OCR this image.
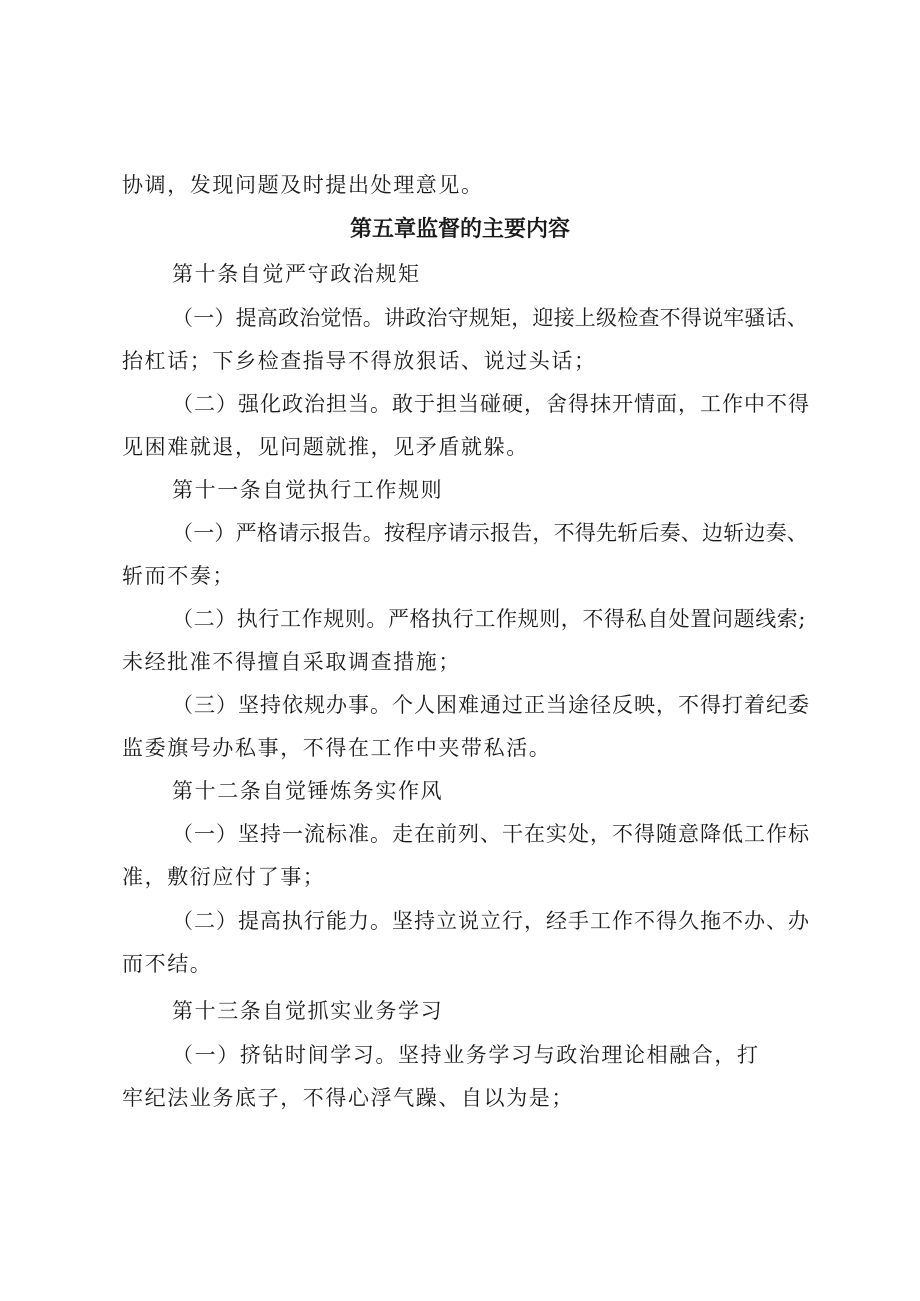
协调，发现问题及时提出处理意见。
第五章监督的主要内容
第十条自觉严守政治规矩
（一）提高政治觉悟。讲政治守规矩，迎接上级检查不得说牢骚话、
抬杠话；下乡检查指导不得放狠话、说过头话；
（二）强化政治担当。敢于担当碰硬，舍得抹开情面，工作中不得
见困难就退，见问题就推，见矛盾就躲。
第十一条自觉执行工作规则
（一）严格请示报告。按程序请示报告，不得先斩后奏、边斩边奏、
斩而不奏；
（二）执行工作规则。严格执行工作规则，不得私自处置问题线索;
未经批准不得擅自采取调查措施；
（三）坚持依规办事。个人困难通过正当途径反映，不得打着纪委
监委旗号办私事，不得在工作中夹带私活。
第十二条自觉锤炼务实作风
（一）坚持一流标准。走在前列、干在实处，不得随意降低工作标
准，敷衍应付了事；
（二）提高执行能力。坚持立说立行，经手工作不得久拖不办、办
而不结。
第十三条自觉抓实业务学习
（一）挤钻时间学习。坚持业务学习与政治理论相融合，打
牢纪法业务底子，不得心浮气躁、自以为是；
